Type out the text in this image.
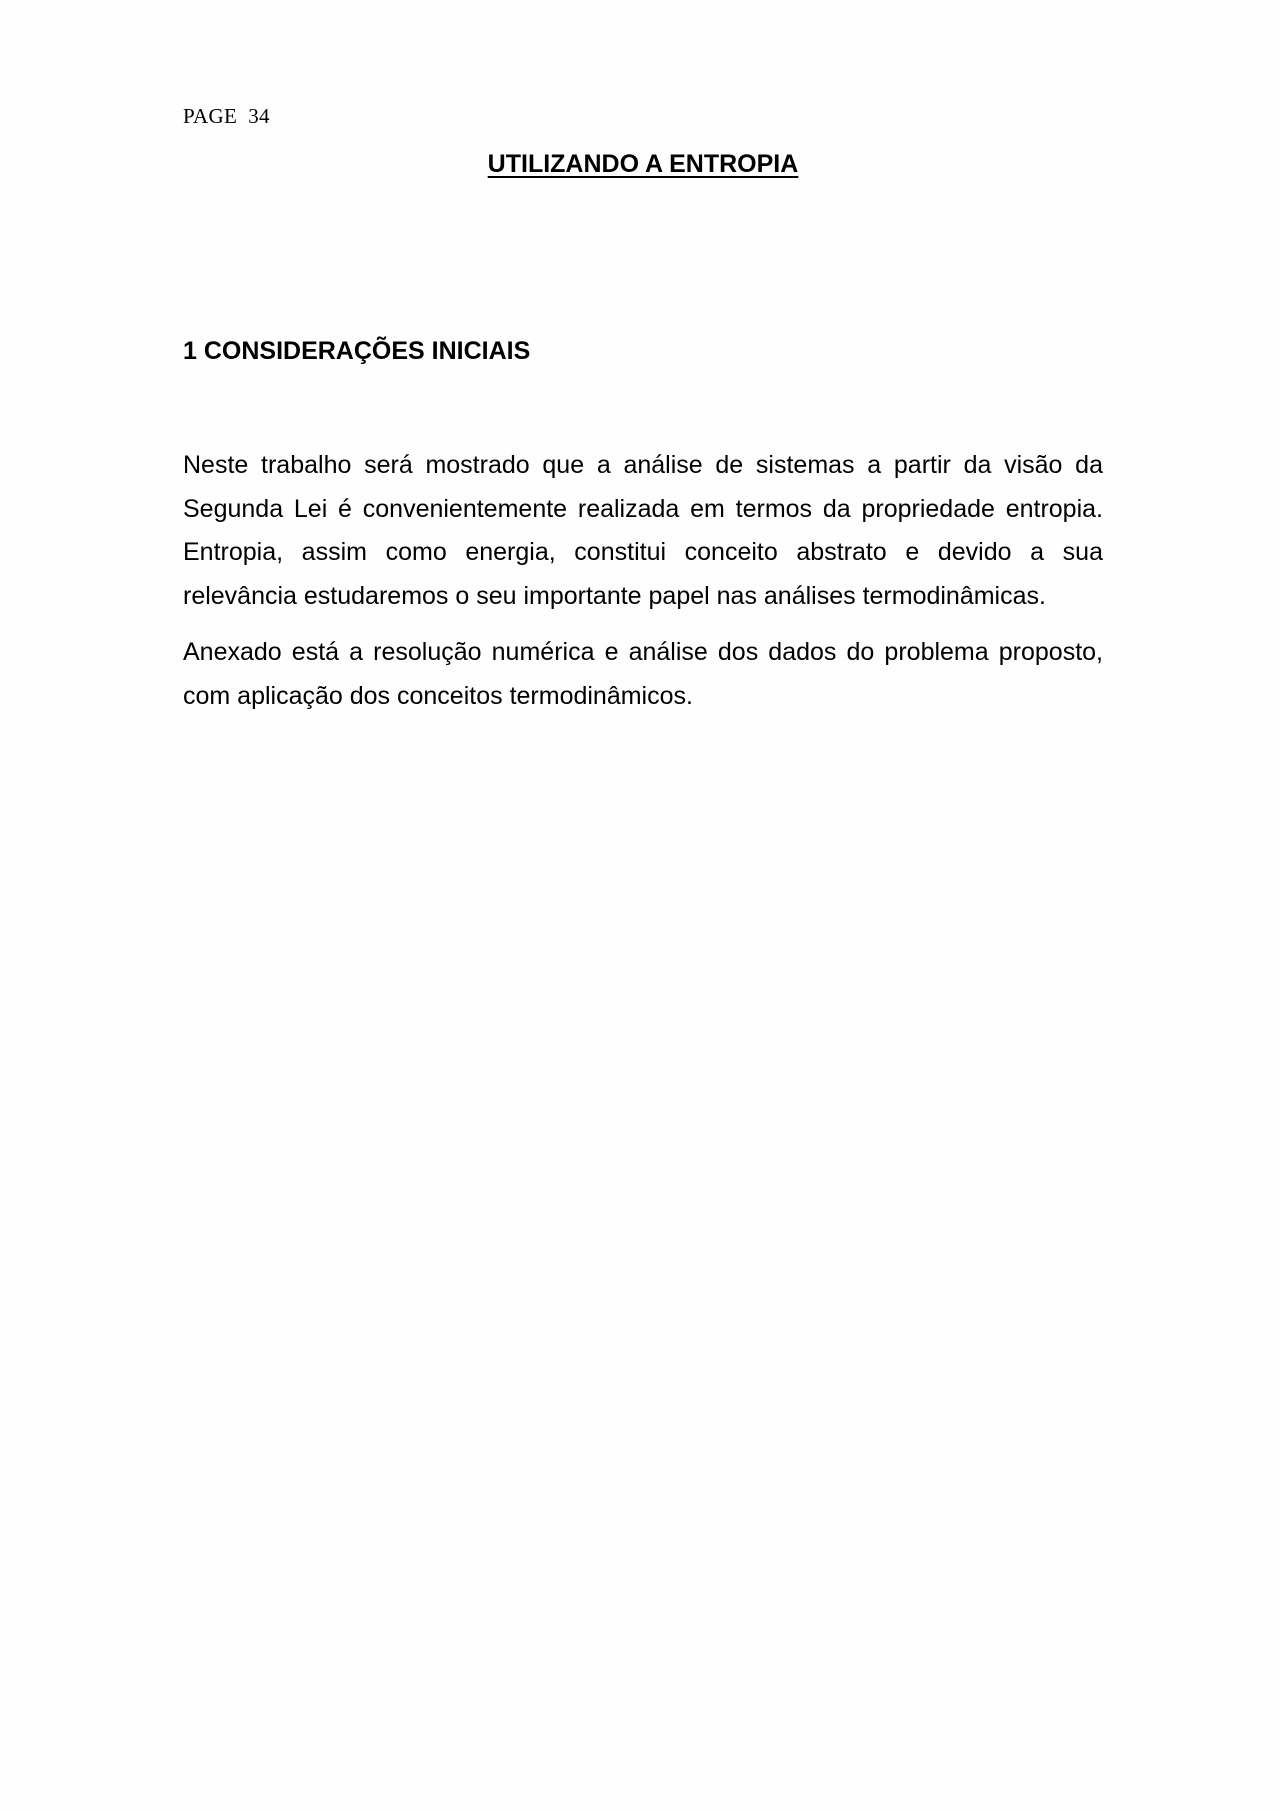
PAGE  34
UTILIZANDO A ENTROPIA
1 CONSIDERAÇÕES INICIAIS

Neste trabalho será mostrado que a análise de sistemas a partir da visão da Segunda Lei é convenientemente realizada em termos da propriedade entropia. Entropia, assim como energia, constitui conceito abstrato e devido a sua relevância estudaremos o seu importante papel nas análises termodinâmicas.

Anexado está a resolução numérica e análise dos dados do problema proposto, com aplicação dos conceitos termodinâmicos.
